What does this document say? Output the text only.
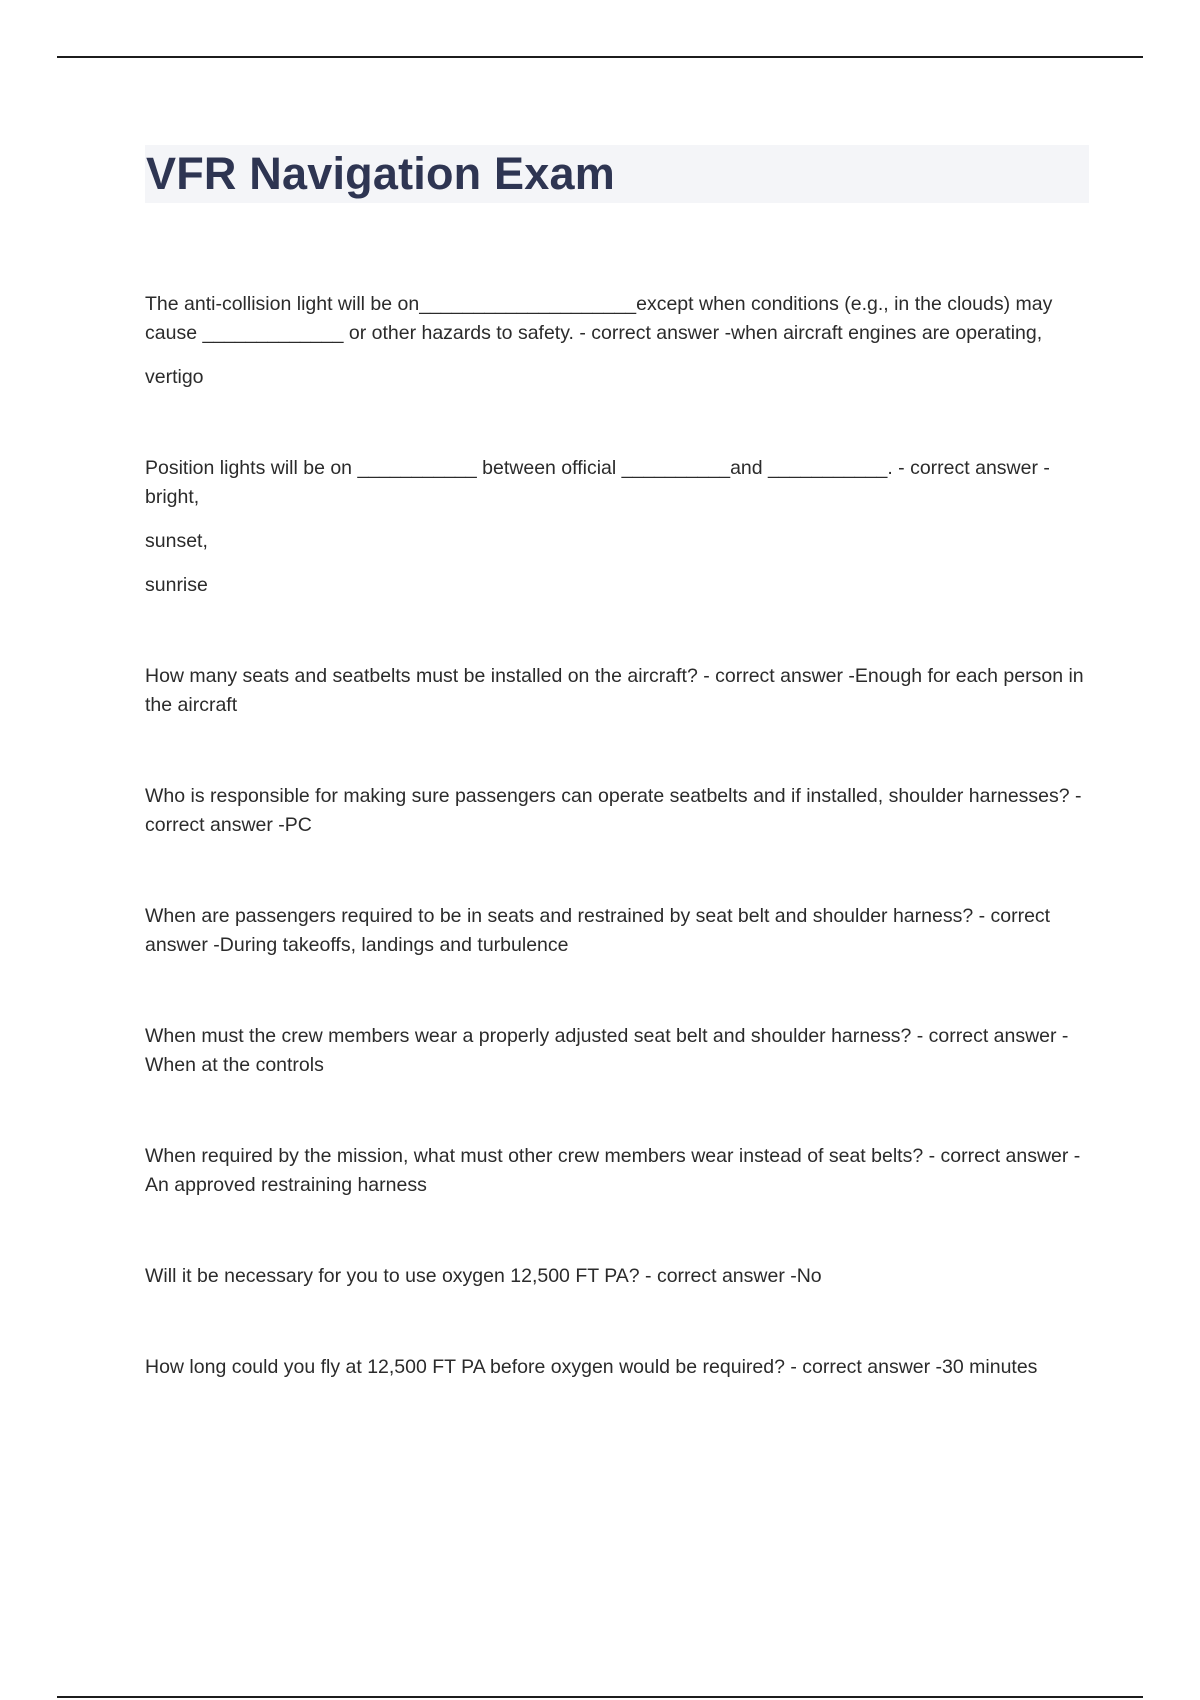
VFR Navigation Exam

The anti-collision light will be on____________________except when conditions (e.g., in the clouds) may cause _____________ or other hazards to safety. - correct answer -when aircraft engines are operating,

vertigo

Position lights will be on ___________ between official __________and ___________. - correct answer -bright,

sunset,

sunrise

How many seats and seatbelts must be installed on the aircraft? - correct answer -Enough for each person in the aircraft

Who is responsible for making sure passengers can operate seatbelts and if installed, shoulder harnesses? - correct answer -PC

When are passengers required to be in seats and restrained by seat belt and shoulder harness? - correct answer -During takeoffs, landings and turbulence

When must the crew members wear a properly adjusted seat belt and shoulder harness? - correct answer -When at the controls

When required by the mission, what must other crew members wear instead of seat belts? - correct answer -An approved restraining harness

Will it be necessary for you to use oxygen 12,500 FT PA? - correct answer -No

How long could you fly at 12,500 FT PA before oxygen would be required? - correct answer -30 minutes
